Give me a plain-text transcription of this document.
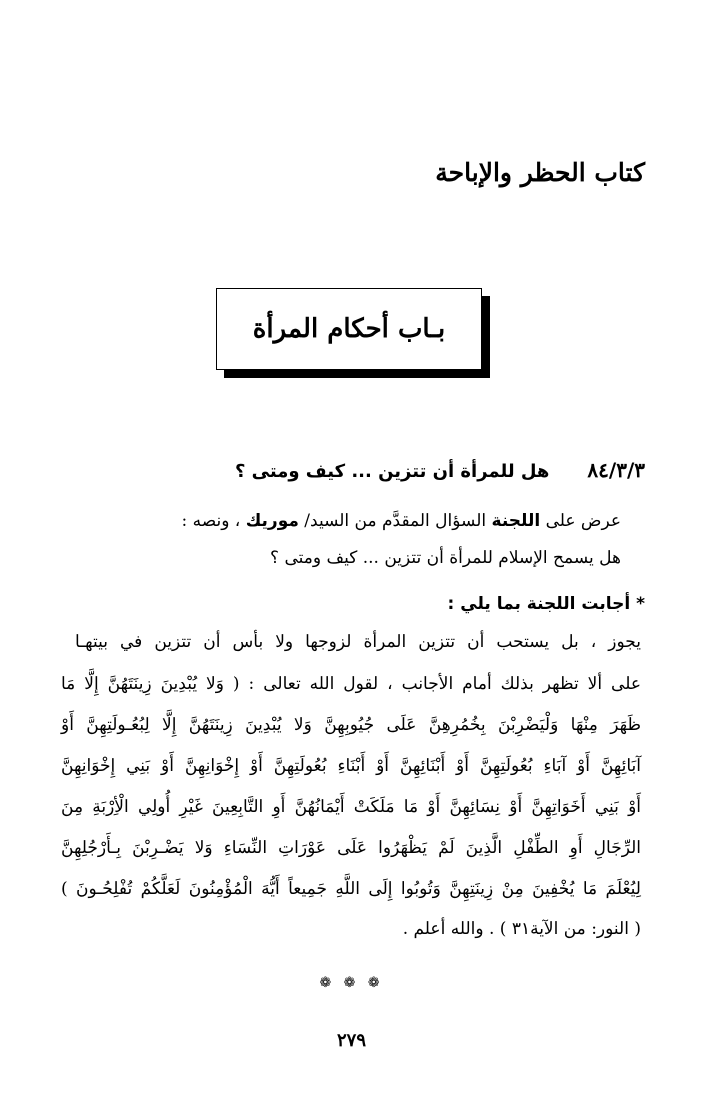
كتاب الحظر والإباحة
بـاب أحكام المرأة
٨٤/٣/٣
هل للمرأة أن تتزين ... كيف ومتى ؟
عرض على اللجنة السؤال المقدَّم من السيد/ موريك ، ونصه :
هل يسمح الإسلام للمرأة أن تتزين ... كيف ومتى ؟
* أجابت اللجنة بما يلي :
يجوز ، بل يستحب أن تتزين المرأة لزوجها ولا بأس أن تتزين في بيتهـا
على ألا تظهر بذلك أمام الأجانب ، لقول الله تعالى : ( وَلا يُبْدِينَ زِينَتَهُنَّ إِلَّا مَا
ظَهَرَ مِنْهَا وَلْيَضْرِبْنَ بِخُمُرِهِنَّ عَلَى جُيُوبِهِنَّ وَلا يُبْدِينَ زِينَتَهُنَّ إِلَّا لِبُعُـولَتِهِنَّ أَوْ
آبَائِهِنَّ أَوْ آبَاءِ بُعُولَتِهِنَّ أَوْ أَبْنَائِهِنَّ أَوْ أَبْنَاءِ بُعُولَتِهِنَّ أَوْ إِخْوَانِهِنَّ أَوْ بَنِي إِخْوَانِهِنَّ
أَوْ بَنِي أَخَوَاتِهِنَّ أَوْ نِسَائِهِنَّ أَوْ مَا مَلَكَتْ أَيْمَانُهُنَّ أَوِ التَّابِعِينَ غَيْرِ أُولِي الْأِرْبَةِ مِنَ
الرِّجَالِ أَوِ الطِّفْلِ الَّذِينَ لَمْ يَظْهَرُوا عَلَى عَوْرَاتِ النِّسَاءِ وَلا يَضْـرِبْنَ بِـأَرْجُلِهِنَّ
لِيُعْلَمَ مَا يُخْفِينَ مِنْ زِينَتِهِنَّ وَتُوبُوا إِلَى اللَّهِ جَمِيعاً أَيُّهَ الْمُؤْمِنُونَ لَعَلَّكُمْ تُفْلِحُـونَ )
( النور: من الآية٣١ ) . والله أعلم .
❁ ❁ ❁
٢٧٩
